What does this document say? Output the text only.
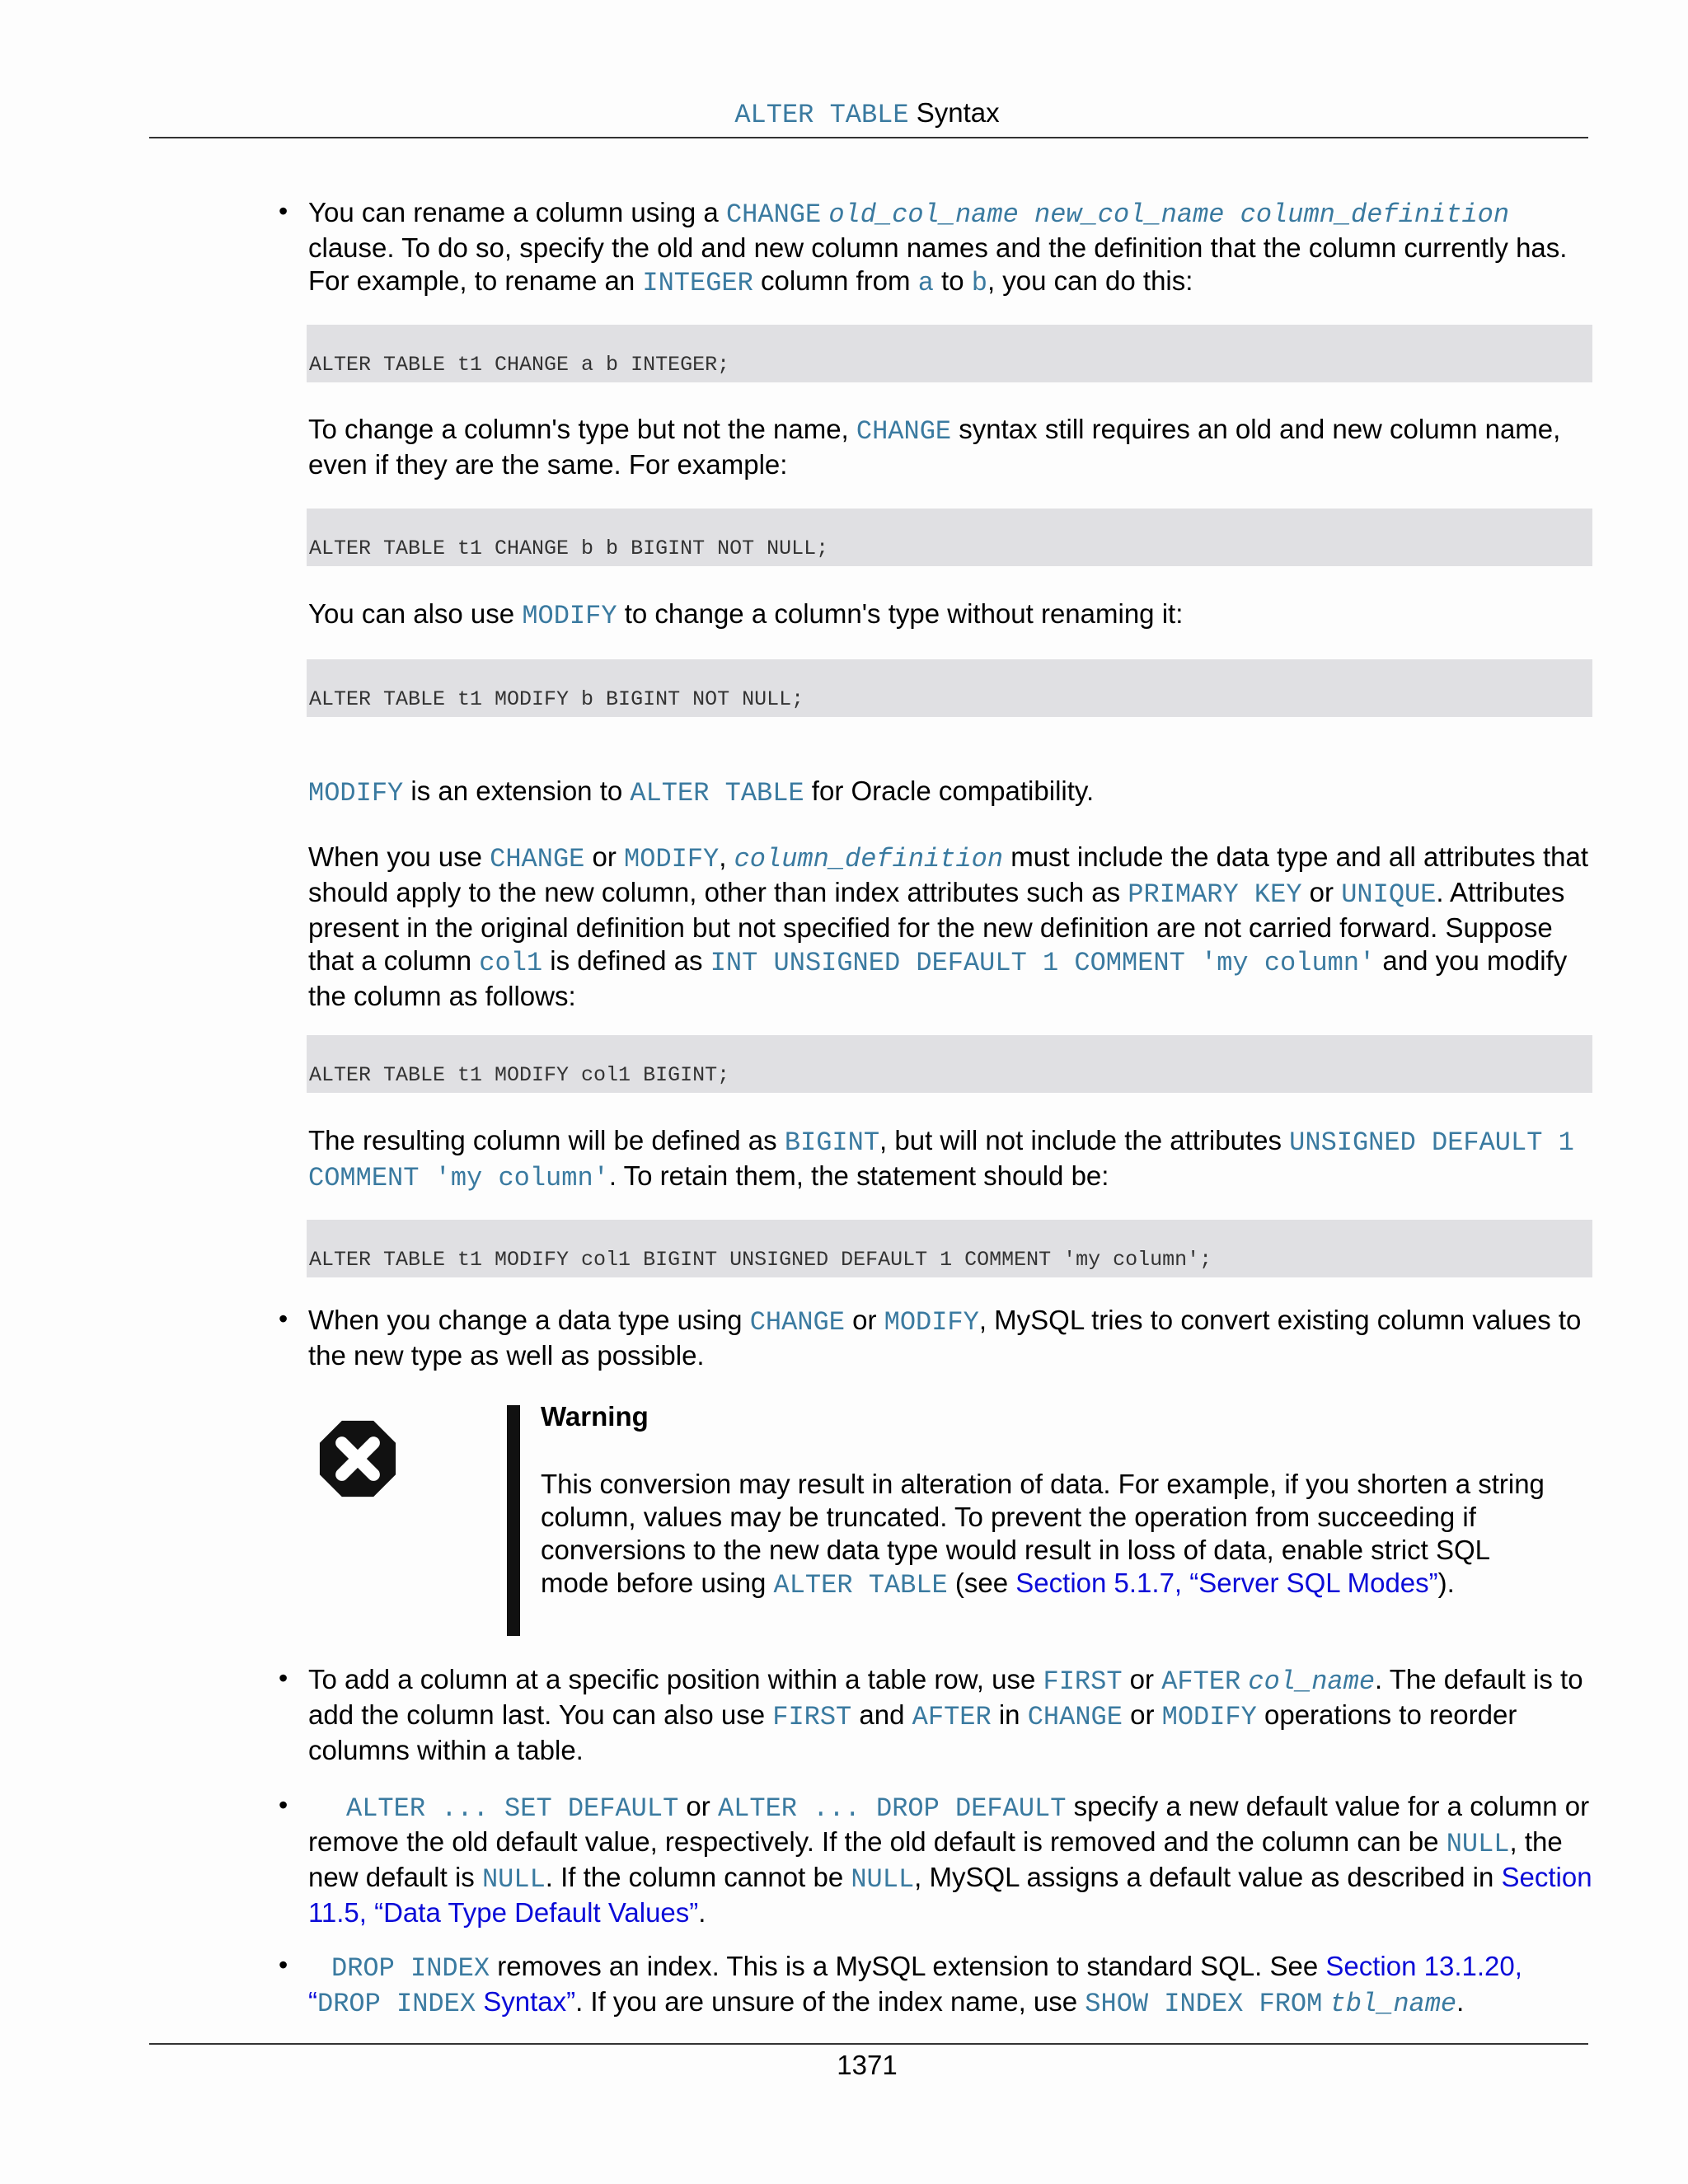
ALTER TABLE Syntax
• You can rename a column using a CHANGE old_col_name new_col_name column_definition clause. To do so, specify the old and new column names and the definition that the column currently has. For example, to rename an INTEGER column from a to b, you can do this:
ALTER TABLE t1 CHANGE a b INTEGER;
To change a column's type but not the name, CHANGE syntax still requires an old and new column name, even if they are the same. For example:
ALTER TABLE t1 CHANGE b b BIGINT NOT NULL;
You can also use MODIFY to change a column's type without renaming it:
ALTER TABLE t1 MODIFY b BIGINT NOT NULL;
MODIFY is an extension to ALTER TABLE for Oracle compatibility.
When you use CHANGE or MODIFY, column_definition must include the data type and all attributes that should apply to the new column, other than index attributes such as PRIMARY KEY or UNIQUE. Attributes present in the original definition but not specified for the new definition are not carried forward. Suppose that a column col1 is defined as INT UNSIGNED DEFAULT 1 COMMENT 'my column' and you modify the column as follows:
ALTER TABLE t1 MODIFY col1 BIGINT;
The resulting column will be defined as BIGINT, but will not include the attributes UNSIGNED DEFAULT 1 COMMENT 'my column'. To retain them, the statement should be:
ALTER TABLE t1 MODIFY col1 BIGINT UNSIGNED DEFAULT 1 COMMENT 'my column';
• When you change a data type using CHANGE or MODIFY, MySQL tries to convert existing column values to the new type as well as possible.
Warning
This conversion may result in alteration of data. For example, if you shorten a string column, values may be truncated. To prevent the operation from succeeding if conversions to the new data type would result in loss of data, enable strict SQL mode before using ALTER TABLE (see Section 5.1.7, “Server SQL Modes”).
• To add a column at a specific position within a table row, use FIRST or AFTER col_name. The default is to add the column last. You can also use FIRST and AFTER in CHANGE or MODIFY operations to reorder columns within a table.
•	ALTER ... SET DEFAULT or ALTER ... DROP DEFAULT specify a new default value for a column or remove the old default value, respectively. If the old default is removed and the column can be NULL, the new default is NULL. If the column cannot be NULL, MySQL assigns a default value as described in Section 11.5, “Data Type Default Values”.
•	DROP INDEX removes an index. This is a MySQL extension to standard SQL. See Section 13.1.20, “DROP INDEX Syntax”. If you are unsure of the index name, use SHOW INDEX FROM tbl_name.
1371
